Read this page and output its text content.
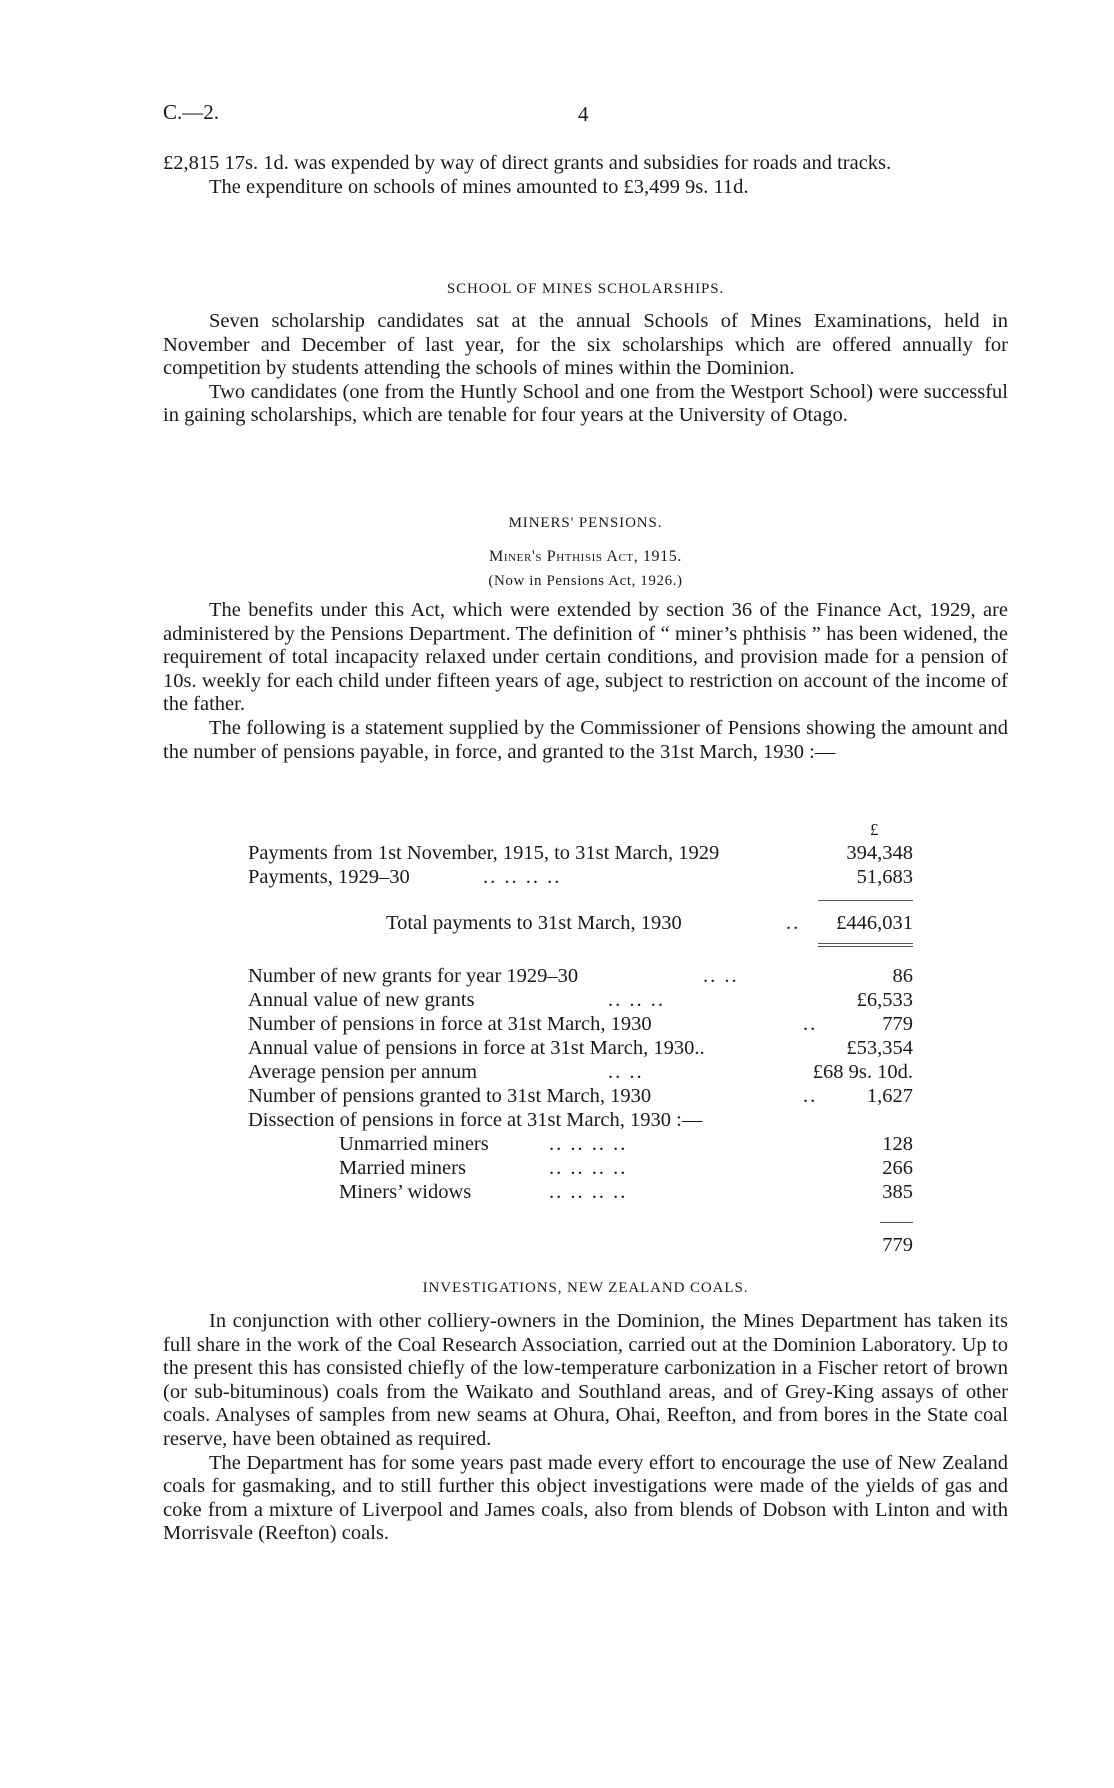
C.—2.	4

£2,815 17s. 1d. was expended by way of direct grants and subsidies for roads and tracks.

The expenditure on schools of mines amounted to £3,499 9s. 11d.

SCHOOL OF MINES SCHOLARSHIPS.

Seven scholarship candidates sat at the annual Schools of Mines Examinations, held in November and December of last year, for the six scholarships which are offered annually for competition by students attending the schools of mines within the Dominion.

Two candidates (one from the Huntly School and one from the Westport School) were successful in gaining scholarships, which are tenable for four years at the University of Otago.

MINERS' PENSIONS.
Miner's Phthisis Act, 1915.
(Now in Pensions Act, 1926.)

The benefits under this Act, which were extended by section 36 of the Finance Act, 1929, are administered by the Pensions Department. The definition of “ miner’s phthisis ” has been widened, the requirement of total incapacity relaxed under certain conditions, and provision made for a pension of 10s. weekly for each child under fifteen years of age, subject to restriction on account of the income of the father.

The following is a statement supplied by the Commissioner of Pensions showing the amount and the number of pensions payable, in force, and granted to the 31st March, 1930 :—

£
Payments from 1st November, 1915, to 31st March, 1929	394,348
Payments, 1929–30	.. .. .. ..	51,683
Total payments to 31st March, 1930	.. £446,031
Number of new grants for year 1929–30	.. ..	86
Annual value of new grants	.. .. ..	£6,533
Number of pensions in force at 31st March, 1930	..	779
Annual value of pensions in force at 31st March, 1930..	£53,354
Average pension per annum	.. ..	£68 9s. 10d.
Number of pensions granted to 31st March, 1930	.. 1,627
Dissection of pensions in force at 31st March, 1930 :—
Unmarried miners	.. .. .. ..	128
Married miners	.. .. .. ..	266
Miners’ widows	.. .. .. ..	385
779
INVESTIGATIONS, NEW ZEALAND COALS.

In conjunction with other colliery-owners in the Dominion, the Mines Department has taken its full share in the work of the Coal Research Association, carried out at the Dominion Laboratory. Up to the present this has consisted chiefly of the low-temperature carbonization in a Fischer retort of brown (or sub-bituminous) coals from the Waikato and Southland areas, and of Grey-King assays of other coals. Analyses of samples from new seams at Ohura, Ohai, Reefton, and from bores in the State coal reserve, have been obtained as required.

The Department has for some years past made every effort to encourage the use of New Zealand coals for gasmaking, and to still further this object investigations were made of the yields of gas and coke from a mixture of Liverpool and James coals, also from blends of Dobson with Linton and with Morrisvale (Reefton) coals.
